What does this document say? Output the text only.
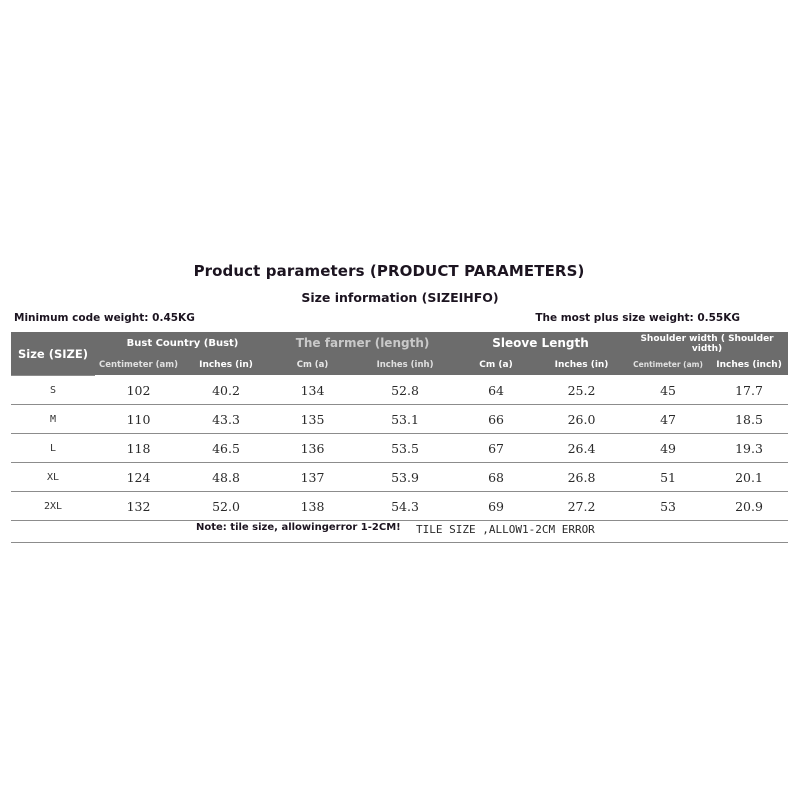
Product parameters (PRODUCT PARAMETERS)
Size information (SIZEIHFO)
Minimum code weight: 0.45KG	The most plus size weight: 0.55KG
Size (SIZE)	Bust Country (Bust)		The farmer (length)		Sleove Length		Shoulder width ( Shoulder vidth)	
	Centimeter (am)	Inches (in)	Cm (a)	Inches (inh)	Cm (a)	Inches (in)	Centimeter (am)	Inches (inch)
S	102	40.2	134	52.8	64	25.2	45	17.7
M	110	43.3	135	53.1	66	26.0	47	18.5
L	118	46.5	136	53.5	67	26.4	49	19.3
XL	124	48.8	137	53.9	68	26.8	51	20.1
2XL	132	52.0	138	54.3	69	27.2	53	20.9
Note: tile size, allowingerror 1-2CM! TILE SIZE ,ALLOW1-2CM ERROR
